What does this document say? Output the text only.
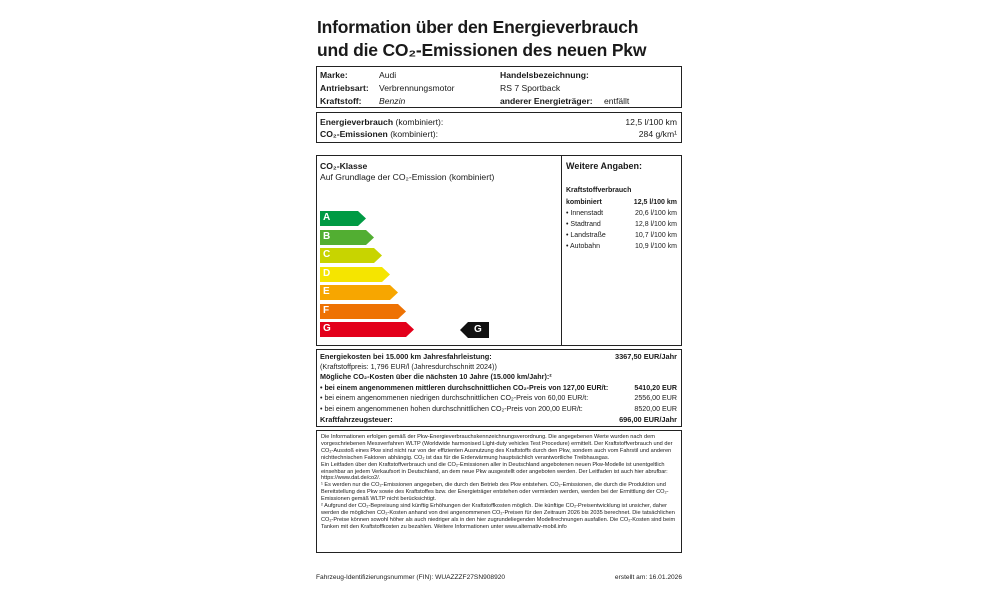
Information über den Energieverbrauch
und die CO₂-Emissionen des neuen Pkw
Marke:	Audi
Antriebsart: Verbrennungsmotor
Kraftstoff: Benzin
Handelsbezeichnung:
RS 7 Sportback
anderer Energieträger: entfällt
Energieverbrauch (kombiniert):	12,5 l/100 km
CO₂-Emissionen (kombiniert):	284 g/km¹
CO₂-Klasse
Auf Grundlage der CO₂-Emission (kombiniert)
A
B
C
D
E
F
G	G
Weitere Angaben:
Kraftstoffverbrauch
kombiniert	12,5 l/100 km
• Innenstadt	20,6 l/100 km
• Stadtrand	12,8 l/100 km
• Landstraße	10,7 l/100 km
• Autobahn	10,9 l/100 km
Energiekosten bei 15.000 km Jahresfahrleistung:	3367,50 EUR/Jahr
(Kraftstoffpreis: 1,796 EUR/l (Jahresdurchschnitt 2024))
Mögliche CO₂-Kosten über die nächsten 10 Jahre (15.000 km/Jahr):²
• bei einem angenommenen mittleren durchschnittlichen CO₂-Preis von 127,00 EUR/t:	5410,20 EUR
• bei einem angenommenen niedrigen durchschnittlichen CO₂-Preis von 60,00 EUR/t:	2556,00 EUR
• bei einem angenommenen hohen durchschnittlichen CO₂-Preis von 200,00 EUR/t:	8520,00 EUR
Kraftfahrzeugsteuer:	696,00 EUR/Jahr

Die Informationen erfolgen gemäß der Pkw-Energieverbrauchskennzeichnungsverordnung. Die angegebenen Werte wurden nach dem vorgeschriebenen Messverfahren WLTP (Worldwide harmonised Light-duty vehicles Test Procedure) ermittelt. Der Kraftstoffverbrauch und der CO₂-Ausstoß eines Pkw sind nicht nur von der effizienten Ausnutzung des Kraftstoffs durch den Pkw, sondern auch vom Fahrstil und anderen nichttechnischen Faktoren abhängig. CO₂ ist das für die Erderwärmung hauptsächlich verantwortliche Treibhausgas.

Ein Leitfaden über den Kraftstoffverbrauch und die CO₂-Emissionen aller in Deutschland angebotenen neuen Pkw-Modelle ist unentgeltlich einsehbar an jedem Verkaufsort in Deutschland, an dem neue Pkw ausgestellt oder angeboten werden. Der Leitfaden ist auch hier abrufbar: https://www.dat.de/co2/.

¹ Es werden nur die CO₂-Emissionen angegeben, die durch den Betrieb des Pkw entstehen. CO₂-Emissionen, die durch die Produktion und Bereitstellung des Pkw sowie des Kraftstoffes bzw. der Energieträger entstehen oder vermieden werden, werden bei der Ermittlung der CO₂-Emissionen gemäß WLTP nicht berücksichtigt.

² Aufgrund der CO₂-Bepreisung sind künftig Erhöhungen der Kraftstoffkosten möglich. Die künftige CO₂-Preisentwicklung ist unsicher, daher werden die möglichen CO₂-Kosten anhand von drei angenommenen CO₂-Preisen für den Zeitraum 2026 bis 2035 berechnet. Die tatsächlichen CO₂-Preise können sowohl höher als auch niedriger als in den hier zugrundeliegenden Modellrechnungen ausfallen. Die CO₂-Kosten sind beim Tanken mit den Kraftstoffkosten zu bezahlen. Weitere Informationen unter www.alternativ-mobil.info

Fahrzeug-Identifizierungsnummer (FIN): WUAZZZF27SN908920	erstellt am: 16.01.2026
